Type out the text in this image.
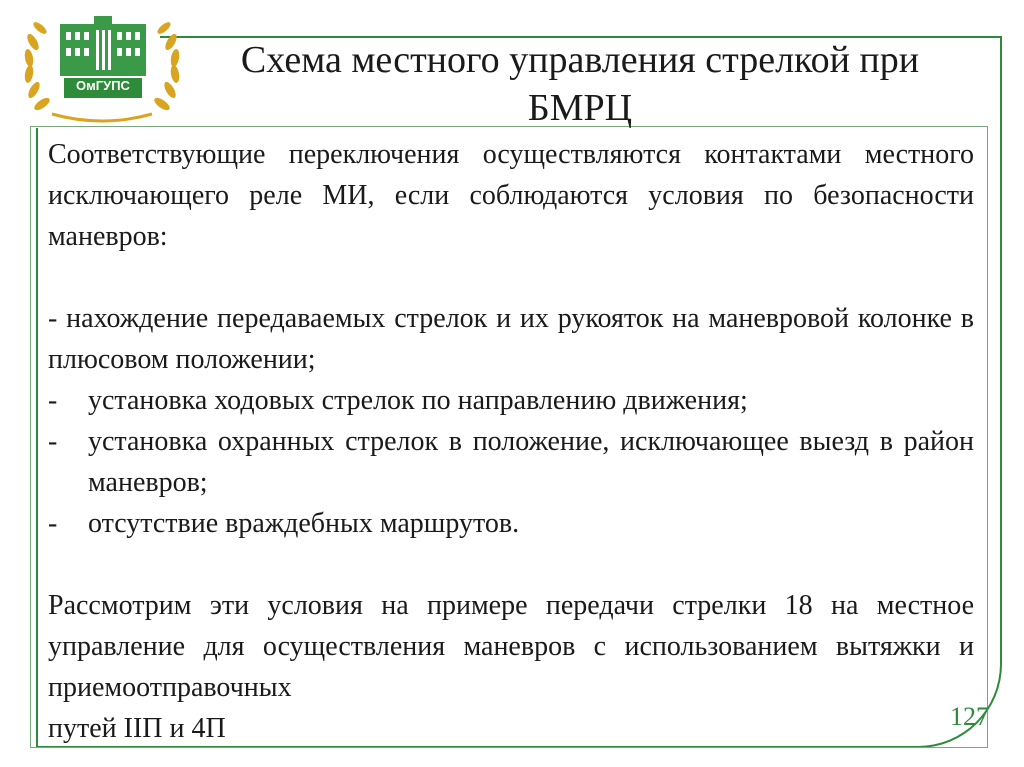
ОмГУПС
Схема местного управления стрелкой при БМРЦ

Соответствующие переключения осуществляются контактами местного исключающего реле МИ, если соблюдаются условия по безопасности маневров:

- нахождение передаваемых стрелок и их рукояток на маневровой колонке в плюсовом положении;

-	установка ходовых стрелок по направлению движения;
-	установка охранных стрелок в положение, исключающее выезд в район маневров;
-	отсутствие враждебных маршрутов.

Рассмотрим эти условия на примере передачи стрелки 18 на местное управление для осуществления маневров с использованием вытяжки и приемоотправочных

путей IIП и 4П	127
